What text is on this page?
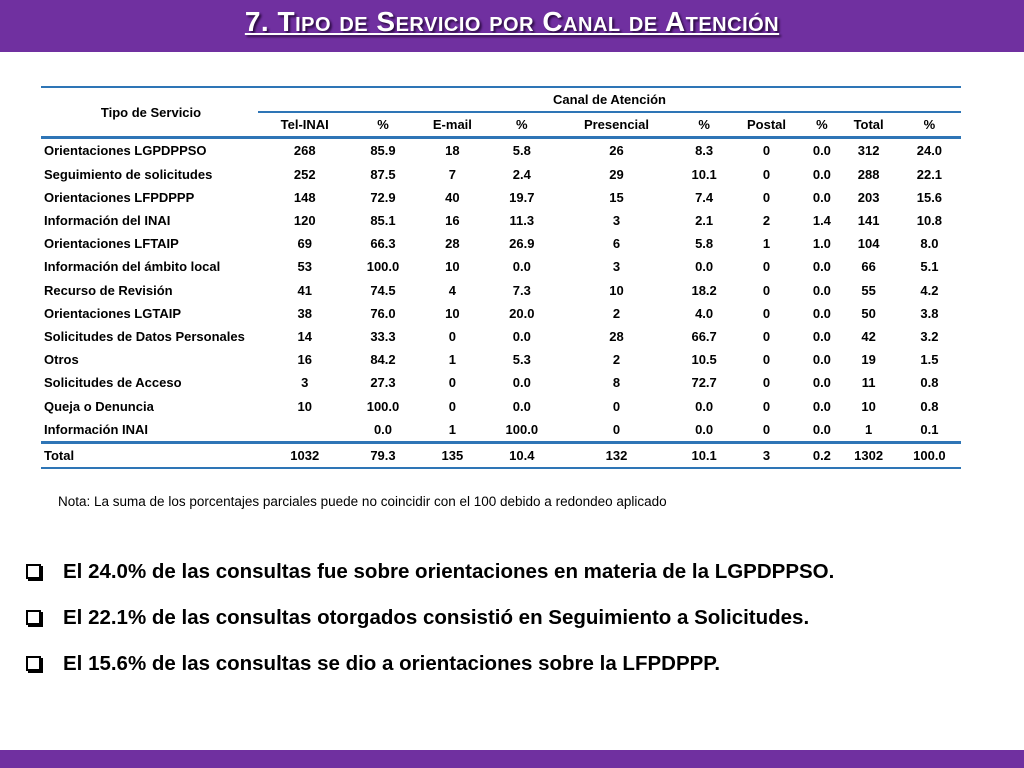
7. Tipo de Servicio por Canal de Atención
Tipo de Servicio	Canal de Atención									
	Tel-INAI	%	E-mail	%	Presencial	%	Postal	%	Total	%
Orientaciones LGPDPPSO	268	85.9	18	5.8	26	8.3	0	0.0	312	24.0
Seguimiento de solicitudes	252	87.5	7	2.4	29	10.1	0	0.0	288	22.1
Orientaciones LFPDPPP	148	72.9	40	19.7	15	7.4	0	0.0	203	15.6
Información del INAI	120	85.1	16	11.3	3	2.1	2	1.4	141	10.8
Orientaciones LFTAIP	69	66.3	28	26.9	6	5.8	1	1.0	104	8.0
Información del ámbito local	53	100.0	10	0.0	3	0.0	0	0.0	66	5.1
Recurso de Revisión	41	74.5	4	7.3	10	18.2	0	0.0	55	4.2
Orientaciones LGTAIP	38	76.0	10	20.0	2	4.0	0	0.0	50	3.8
Solicitudes de Datos Personales	14	33.3	0	0.0	28	66.7	0	0.0	42	3.2
Otros	16	84.2	1	5.3	2	10.5	0	0.0	19	1.5
Solicitudes de Acceso	3	27.3	0	0.0	8	72.7	0	0.0	11	0.8
Queja o Denuncia	10	100.0	0	0.0	0	0.0	0	0.0	10	0.8
Información INAI		0.0	1	100.0	0	0.0	0	0.0	1	0.1
Total	1032	79.3	135	10.4	132	10.1	3	0.2	1302	100.0
Nota: La suma de los porcentajes parciales puede no coincidir con el 100 debido a redondeo aplicado
El 24.0% de las consultas fue sobre orientaciones en materia de la LGPDPPSO.
El 22.1% de las consultas otorgados consistió en Seguimiento a Solicitudes.
El 15.6% de las consultas se dio a orientaciones sobre la LFPDPPP.
